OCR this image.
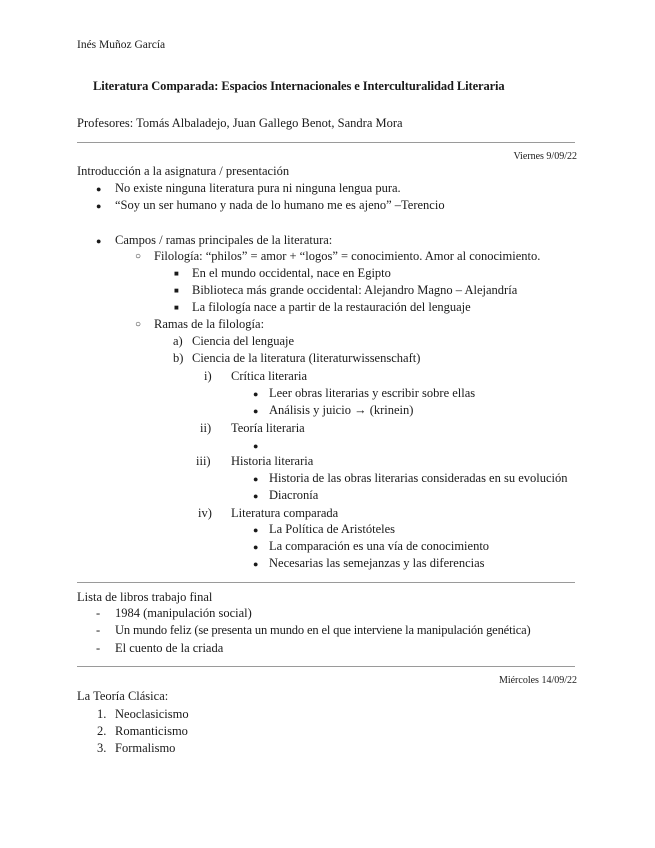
Inés Muñoz García
Literatura Comparada: Espacios Internacionales e Interculturalidad Literaria
Profesores: Tomás Albaladejo, Juan Gallego Benot, Sandra Mora
Viernes 9/09/22
Introducción a la asignatura / presentación
● No existe ninguna literatura pura ni ninguna lengua pura.
● “Soy un ser humano y nada de lo humano me es ajeno” –Terencio
● Campos / ramas principales de la literatura:
○ Filología: “philos” = amor + “logos” = conocimiento. Amor al conocimiento.
■ En el mundo occidental, nace en Egipto
■ Biblioteca más grande occidental: Alejandro Magno – Alejandría
■ La filología nace a partir de la restauración del lenguaje
○ Ramas de la filología:
a) Ciencia del lenguaje
b) Ciencia de la literatura (literaturwissenschaft)
i) Crítica literaria
● Leer obras literarias y escribir sobre ellas
● Análisis y juicio → (krinein)
ii) Teoría literaria
●
iii) Historia literaria
● Historia de las obras literarias consideradas en su evolución
● Diacronía
iv) Literatura comparada
● La Política de Aristóteles
● La comparación es una vía de conocimiento
● Necesarias las semejanzas y las diferencias
Lista de libros trabajo final
- 1984 (manipulación social)
- Un mundo feliz (se presenta un mundo en el que interviene la manipulación genética)
- El cuento de la criada
Miércoles 14/09/22
La Teoría Clásica:
1. Neoclasicismo
2. Romanticismo
3. Formalismo
